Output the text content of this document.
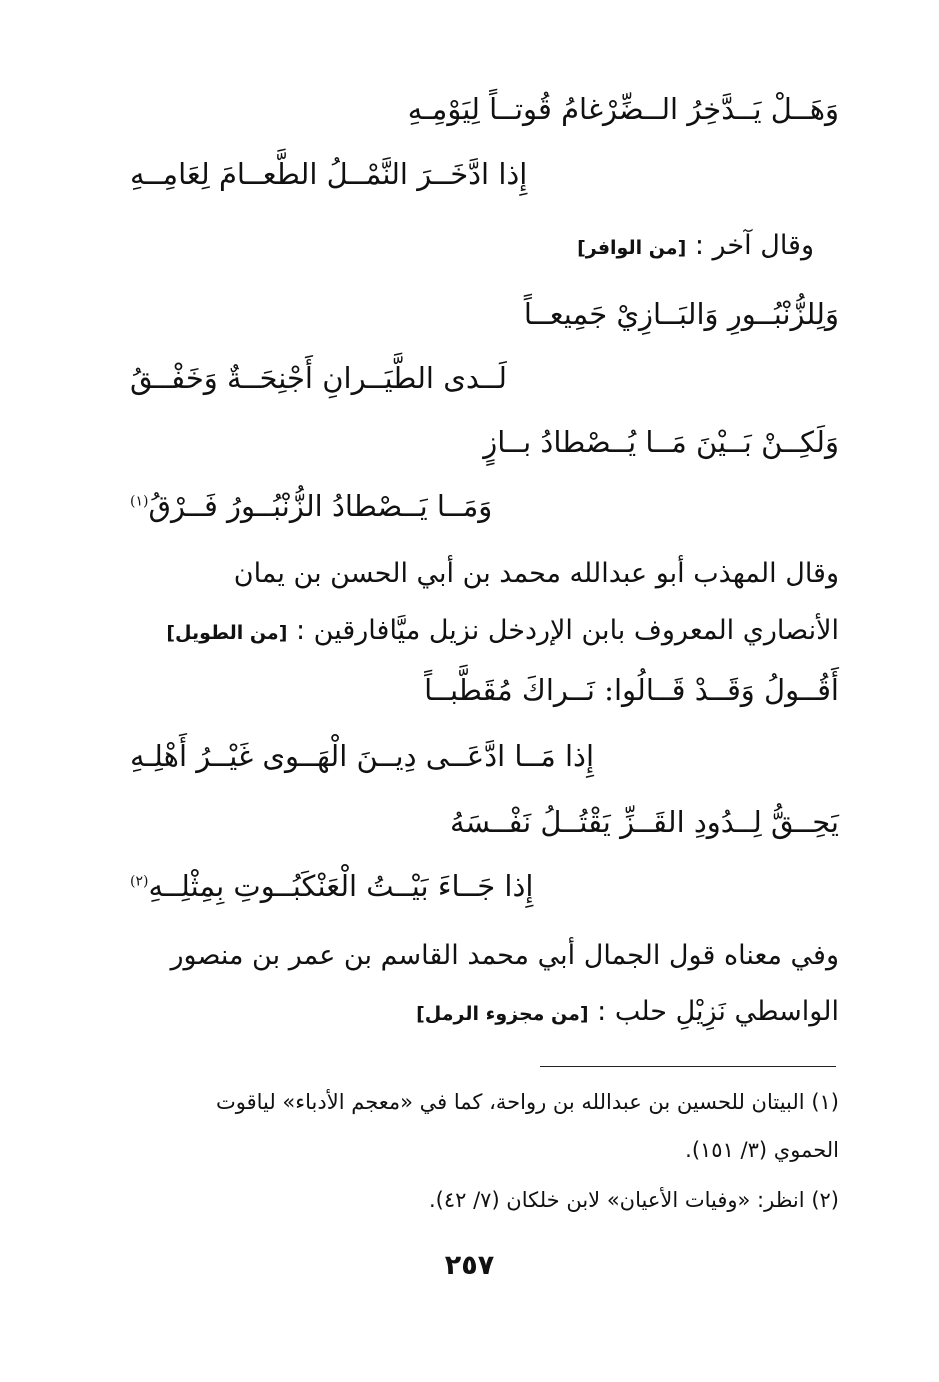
وَهَــلْ يَــدَّخِرُ الــضِّرْغامُ قُوتــاً لِيَوْمِـهِ
إِذا ادَّخَــرَ النَّمْــلُ الطَّعــامَ لِعَامِــهِ
وقال آخر : [من الوافر]
وَلِلزُّنْبُــورِ وَالبَــازِيْ جَمِيعــاً
لَــدى الطَّيَــرانِ أَجْنِحَــةٌ وَخَفْــقُ
وَلَكِــنْ بَــيْنَ مَــا يُــصْطادُ بــازٍ
وَمَــا يَــصْطادُ الزُّنْبُــورُ فَــرْقُ$^{(١)}$
وقال المهذب أبو عبدالله محمد بن أبي الحسن بن يمان
الأنصاري المعروف بابن الإردخل نزيل ميَّافارقين : [من الطويل]
أَقُــولُ وَقَــدْ قَــالُوا: نَــراكَ مُقَطَّبــاً
إِذا مَــا ادَّعَــى دِيــنَ الْهَــوى غَيْــرُ أَهْلِـهِ
يَحِــقُّ لِــدُودِ القَــزِّ يَقْتُــلُ نَفْــسَهُ
إِذا جَــاءَ بَيْــتُ الْعَنْكَبُــوتِ بِمِثْلِــهِ$^{(٢)}$
وفي معناه قول الجمال أبي محمد القاسم بن عمر بن منصور
الواسطي نَزِيْلِ حلب : [من مجزوء الرمل]
(١) البيتان للحسين بن عبدالله بن رواحة، كما في «معجم الأدباء» لياقوت
الحموي (٣/ ١٥١).
(٢) انظر: «وفيات الأعيان» لابن خلكان (٧/ ٤٢).
٢٥٧
